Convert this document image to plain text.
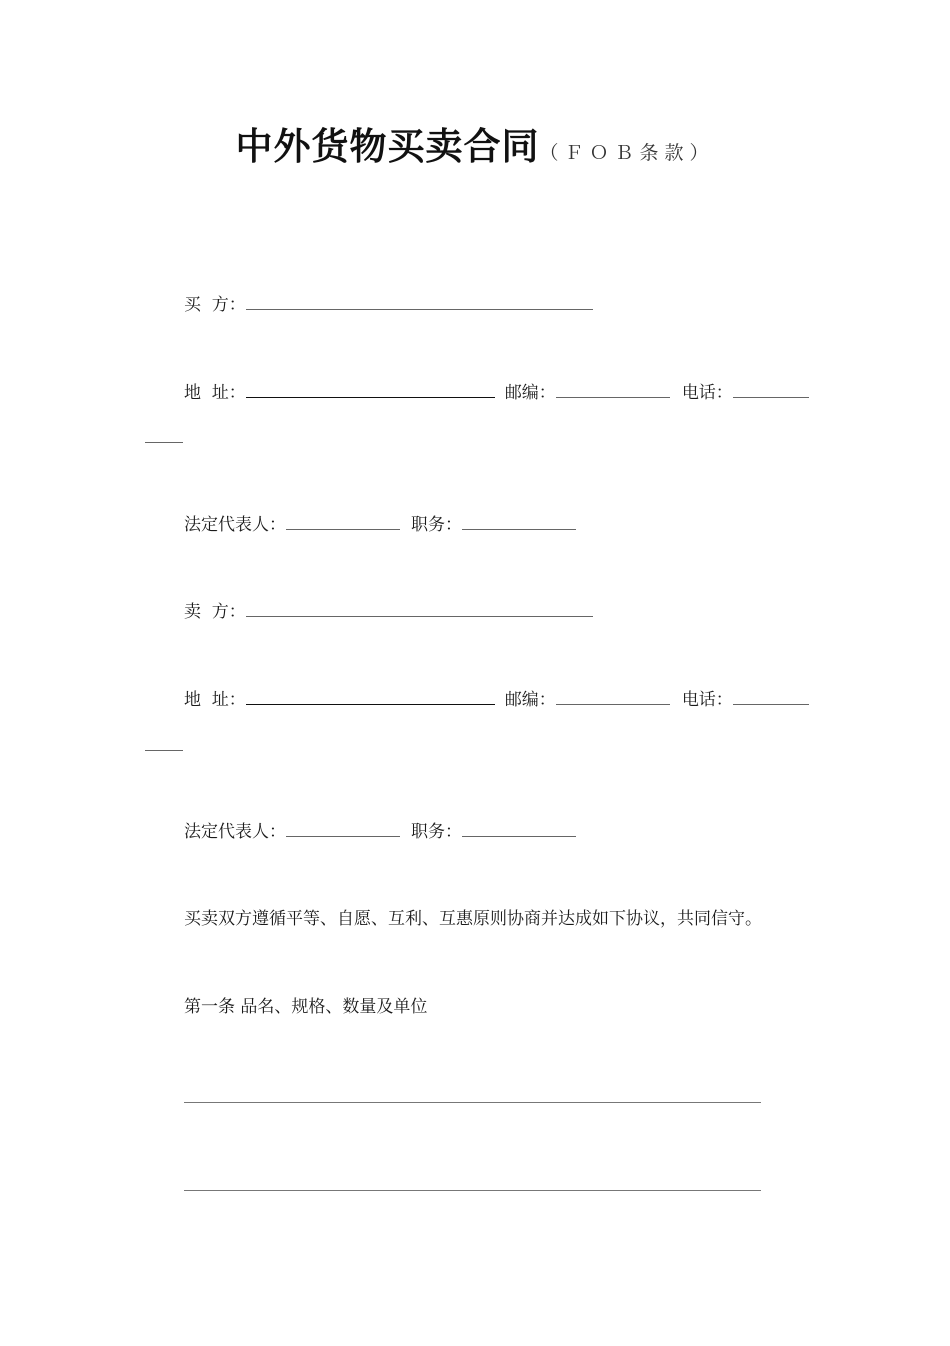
中外货物买卖合同（ＦＯＢ条款）
买  方：
地  址：	邮编：	电话：
法定代表人：	职务：
卖  方：
地  址：	邮编：	电话：
法定代表人：	职务：
买卖双方遵循平等、自愿、互利、互惠原则协商并达成如下协议，共同信守。
第一条 品名、规格、数量及单位
